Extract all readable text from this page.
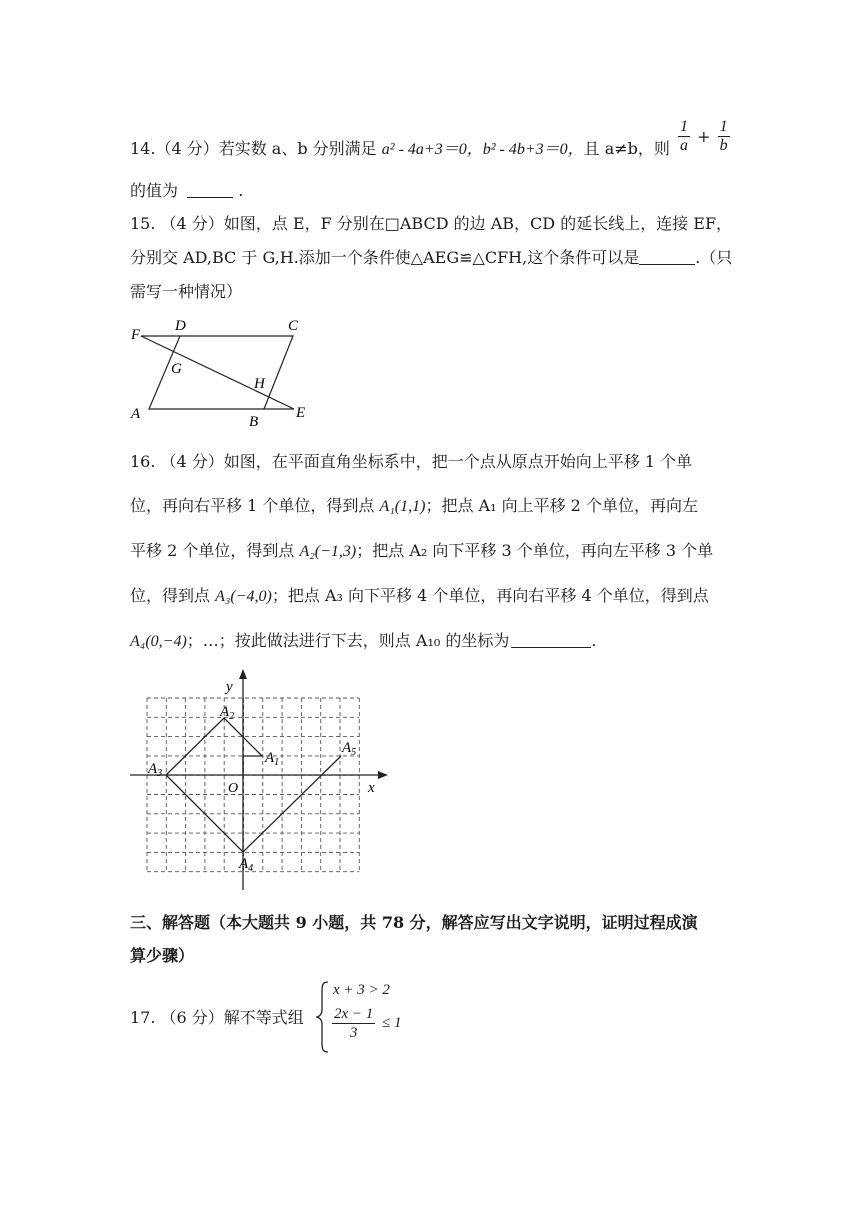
14.（4 分）若实数 a、b 分别满足 a² - 4a+3＝0，b² - 4b+3＝0，且 a≠b，则 $\frac{1}{a} + \frac{1}{b}$
的值为	.
15. （4 分）如图，点 E，F 分别在□ABCD 的边 AB，CD 的延长线上，连接 EF，
分别交 AD,BC 于 G,H.添加一个条件使△AEG≌△CFH,这个条件可以是	.（只
需写一种情况）
F
D	C
G
H
A	B
E
16. （4 分）如图，在平面直角坐标系中，把一个点从原点开始向上平移 1 个单
位，再向右平移 1 个单位，得到点 A₁(1,1)；把点 A₁ 向上平移 2 个单位，再向左
平移 2 个单位，得到点 A₂(−1,3)；把点 A₂ 向下平移 3 个单位，再向左平移 3 个单
位，得到点 A₃(−4,0)；把点 A₃ 向下平移 4 个单位，再向右平移 4 个单位，得到点
A₄(0,−4)；…；按此做法进行下去，则点 A₁₀ 的坐标为	.
y
x
O
$A_1$
$A_2$
$A_3$
$A_4$
$A_5$
三、解答题（本大题共 9 小题，共 78 分，解答应写出文字说明，证明过程成演
算少骤）
17. （6 分）解不等式组
x + 3 > 2
$\frac{2x - 1}{3} \le 1$
